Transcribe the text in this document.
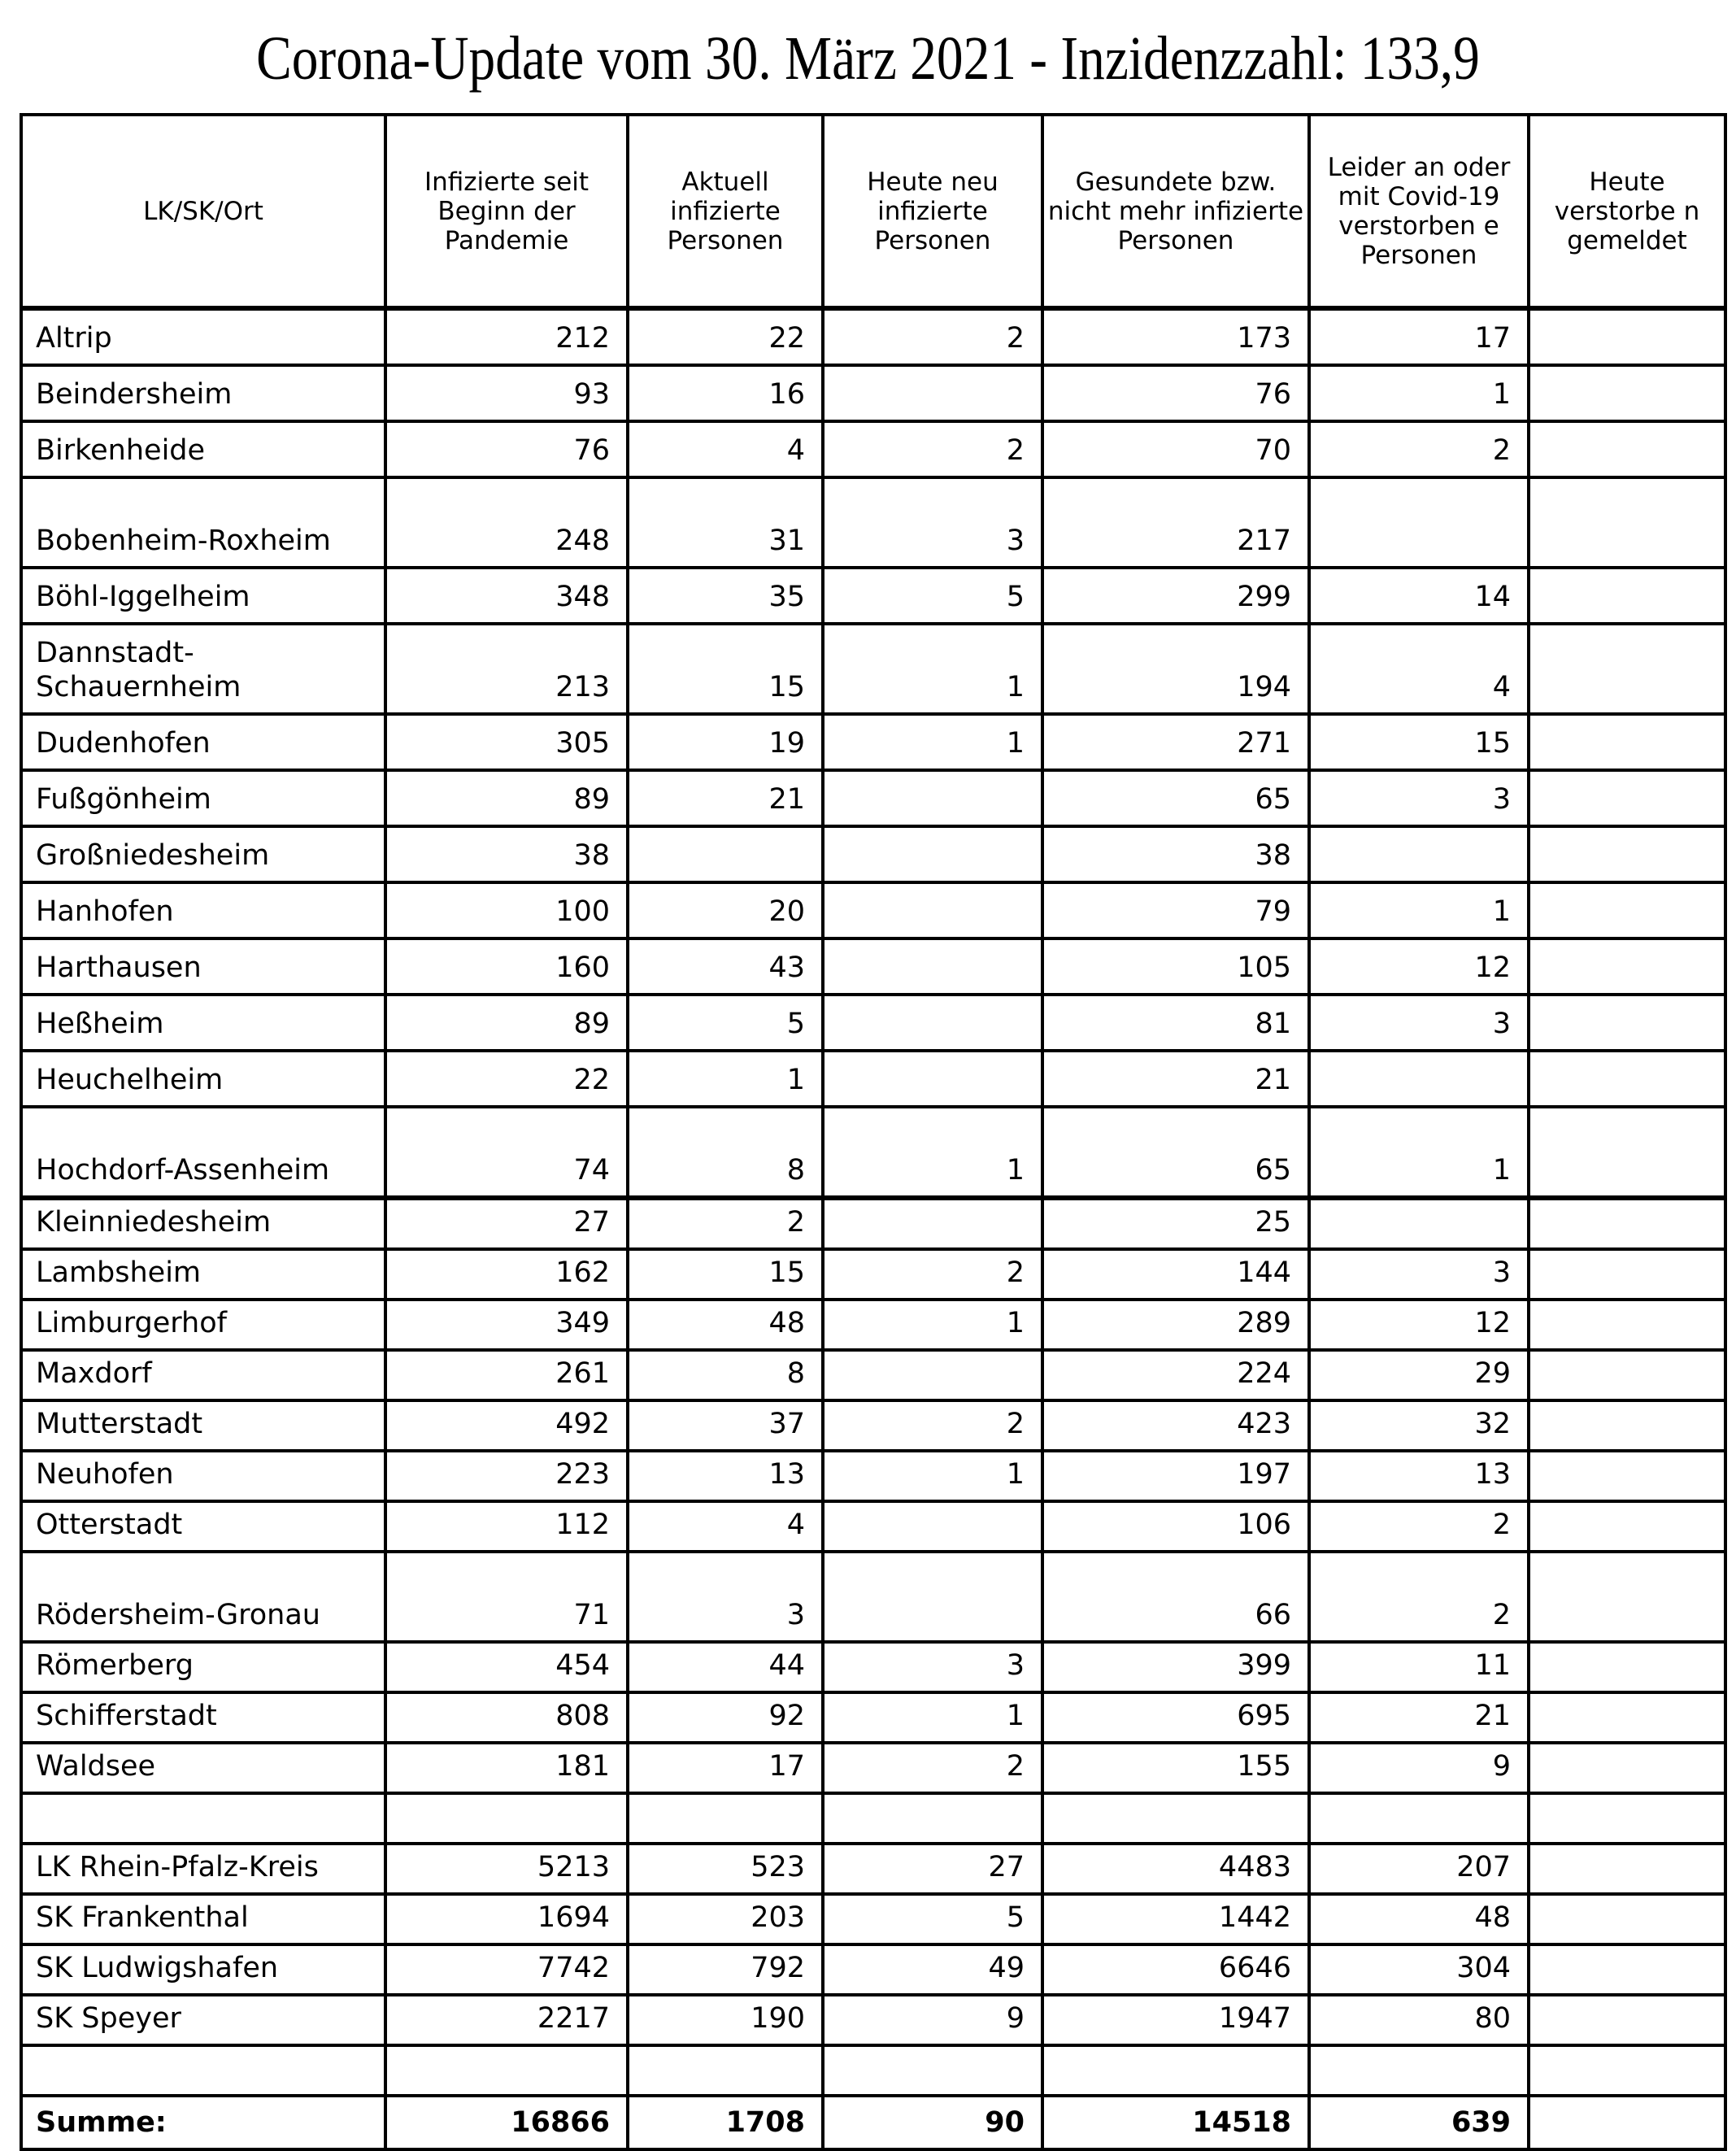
Corona-Update vom 30. März 2021 - Inzidenzzahl: 133,9
LK/SK/Ort	Infizierte seit Beginn der Pandemie	Aktuell infizierte Personen	Heute neu infizierte Personen	Gesundete bzw. nicht mehr infizierte Personen	Leider an oder mit Covid-19 verstorben e Personen	Heute verstorbe n gemeldet
Altrip	212	22	2	173	17	
Beindersheim	93	16		76	1	
Birkenheide	76	4	2	70	2	
Bobenheim-Roxheim	248	31	3	217		
Böhl-Iggelheim	348	35	5	299	14	
Dannstadt-Schauernheim	213	15	1	194	4	
Dudenhofen	305	19	1	271	15	
Fußgönheim	89	21		65	3	
Großniedesheim	38			38		
Hanhofen	100	20		79	1	
Harthausen	160	43		105	12	
Heßheim	89	5		81	3	
Heuchelheim	22	1		21		
Hochdorf-Assenheim	74	8	1	65	1	
Kleinniedesheim	27	2		25		
Lambsheim	162	15	2	144	3	
Limburgerhof	349	48	1	289	12	
Maxdorf	261	8		224	29	
Mutterstadt	492	37	2	423	32	
Neuhofen	223	13	1	197	13	
Otterstadt	112	4		106	2	
Rödersheim-Gronau	71	3		66	2	
Römerberg	454	44	3	399	11	
Schifferstadt	808	92	1	695	21	
Waldsee	181	17	2	155	9	

LK Rhein-Pfalz-Kreis	5213	523	27	4483	207	
SK Frankenthal	1694	203	5	1442	48	
SK Ludwigshafen	7742	792	49	6646	304	
SK Speyer	2217	190	9	1947	80	

Summe:	16866	1708	90	14518	639	
